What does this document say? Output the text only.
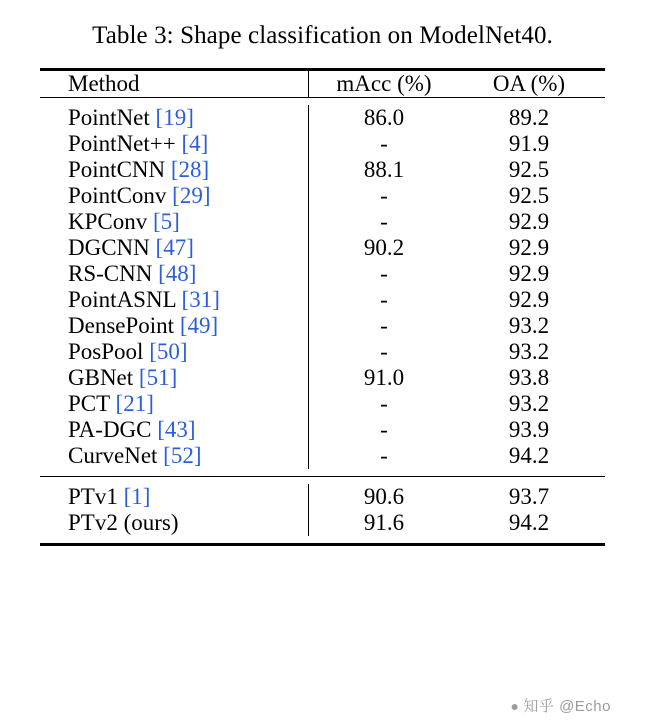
Table 3: Shape classification on ModelNet40.

Method	mAcc (%)	OA (%)

PointNet [19]	86.0	89.2
PointNet++ [4]	-	91.9
PointCNN [28]	88.1	92.5
PointConv [29]	-	92.5
KPConv [5]	-	92.9
DGCNN [47]	90.2	92.9
RS-CNN [48]	-	92.9
PointASNL [31]	-	92.9
DensePoint [49]	-	93.2
PosPool [50]	-	93.2
GBNet [51]	91.0	93.8
PCT [21]	-	93.2
PA-DGC [43]	-	93.9
CurveNet [52]	-	94.2

PTv1 [1]	90.6	93.7
PTv2 (ours)	91.6	94.2

● 知乎 @Echo
